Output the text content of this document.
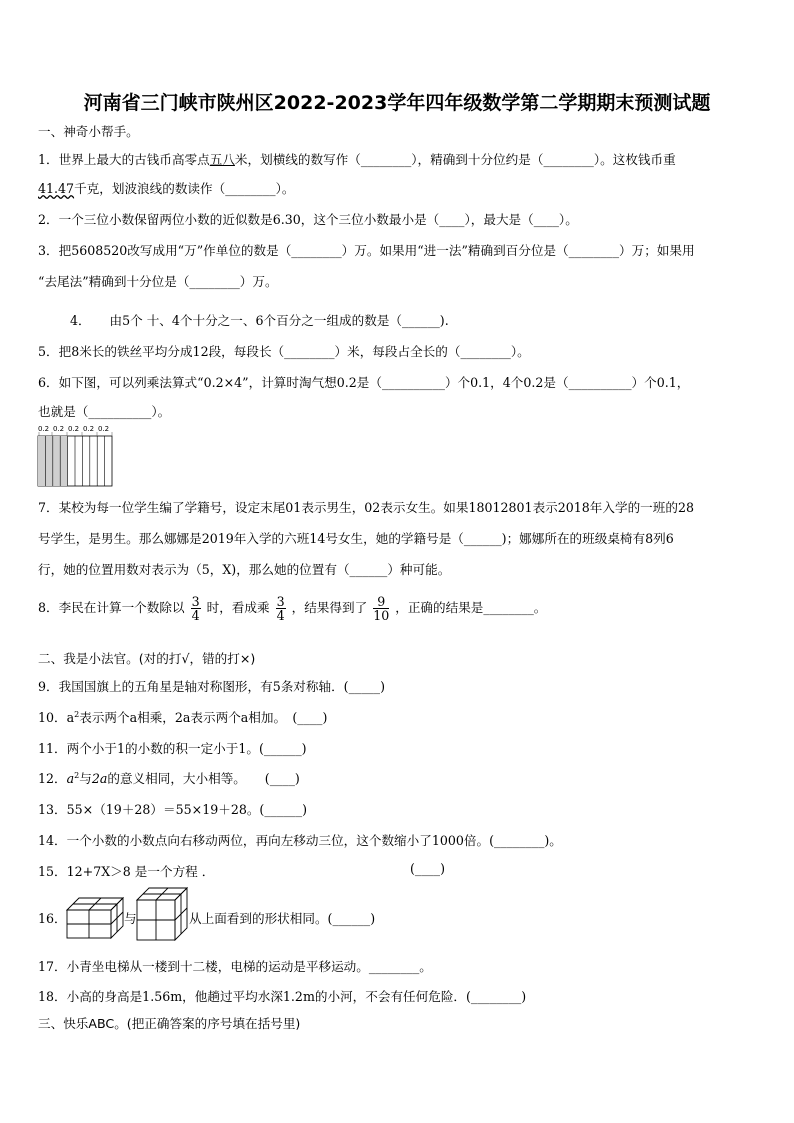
河南省三门峡市陕州区2022-2023学年四年级数学第二学期期末预测试题
一、神奇小帮手。
1．世界上最大的古钱币高零点五八米，划横线的数写作（________），精确到十分位约是（________）。这枚钱币重
41.47千克，划波浪线的数读作（________）。
2．一个三位小数保留两位小数的近似数是6.30，这个三位小数最小是（____），最大是（____）。
3．把5608520改写成用“万”作单位的数是（________）万。如果用“进一法”精确到百分位是（________）万；如果用
“去尾法”精确到十分位是（________）万。
4．　　由5个 十、4个十分之一、6个百分之一组成的数是（______).
5．把8米长的铁丝平均分成12段，每段长（________）米，每段占全长的（________）。
6．如下图，可以列乘法算式“0.2×4”，计算时淘气想0.2是（__________）个0.1，4个0.2是（__________）个0.1，
也就是（__________）。
0.2 0.2 0.2 0.2 0.2
7．某校为每一位学生编了学籍号，设定末尾01表示男生，02表示女生。如果18012801表示2018年入学的一班的28
号学生，是男生。那么娜娜是2019年入学的六班14号女生，她的学籍号是（______)；娜娜所在的班级桌椅有8列6
行，她的位置用数对表示为（5，X)，那么她的位置有（______）种可能。
8．李民在计算一个数除以 $\frac{3}{4}$ 时，看成乘 $\frac{3}{4}$ ，结果得到了 $\frac{9}{10}$ ，正确的结果是________。
二、我是小法官。(对的打√，错的打×)
9．我国国旗上的五角星是轴对称图形，有5条对称轴．(_____)
10．$a^2$表示两个a相乘，2a表示两个a相加。　(____)
11．两个小于1的小数的积一定小于1。(______)
12．$a^2$与2a的意义相同，大小相等。　　(____)
13．55×（19＋28）＝55×19＋28。(______)
14．一个小数的小数点向右移动两位，再向左移动三位，这个数缩小了1000倍。(________)。
15．12+7X＞8 是一个方程 ．	(____)
16．	与	从上面看到的形状相同。(______)
17．小青坐电梯从一楼到十二楼，电梯的运动是平移运动。________。
18．小高的身高是1.56m，他趟过平均水深1.2m的小河，不会有任何危险．(________)
三、快乐ABC。(把正确答案的序号填在括号里)
